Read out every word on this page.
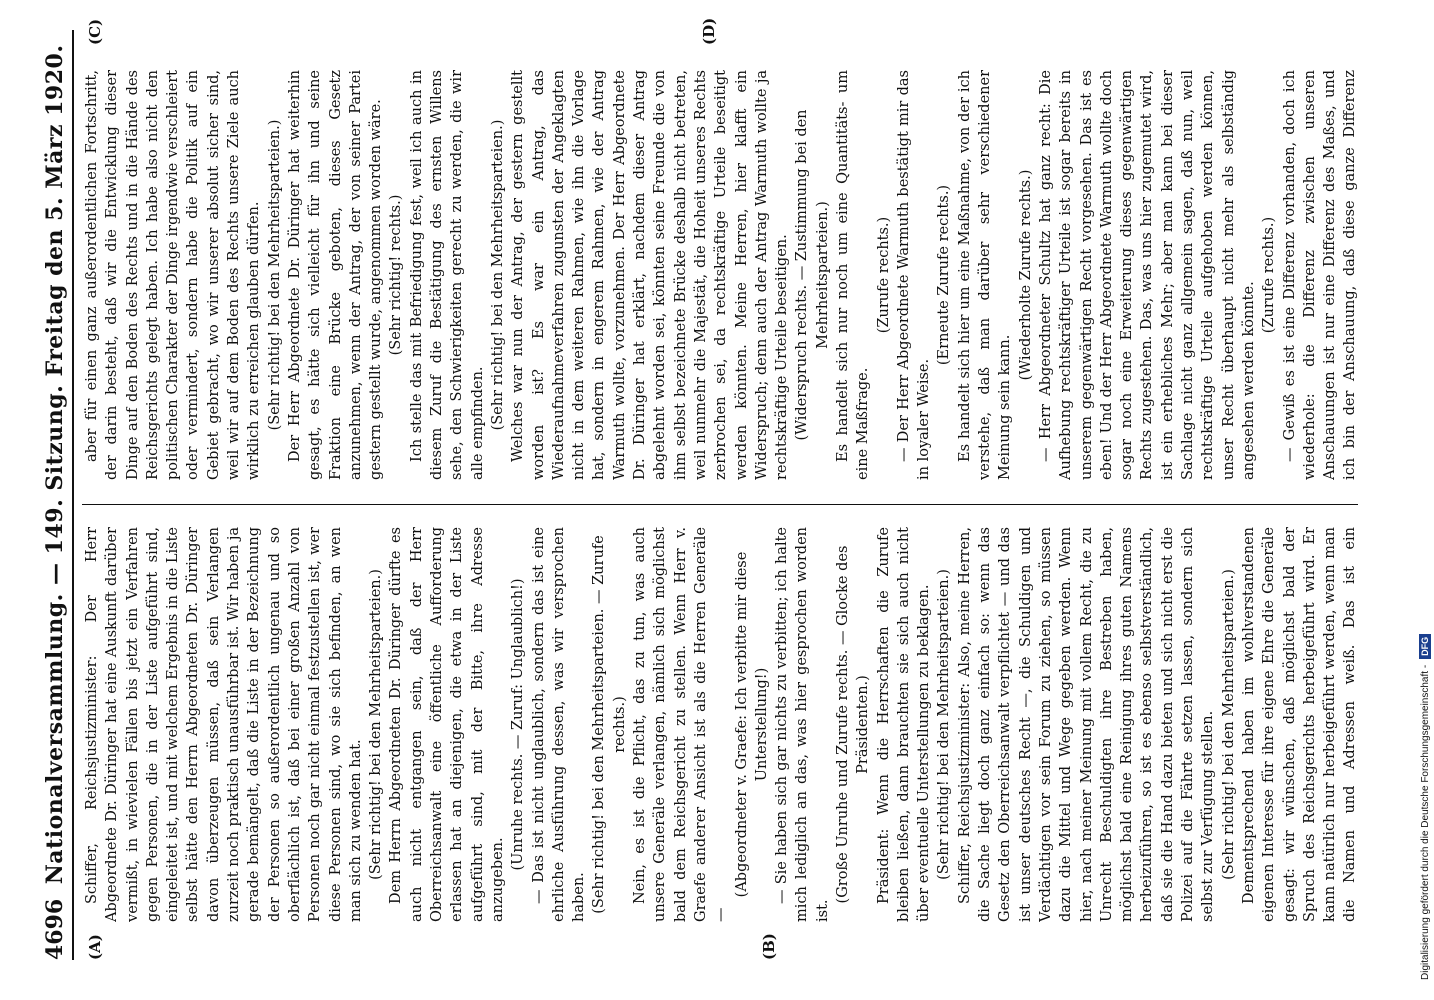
4696
Nationalversammlung. — 149. Sitzung. Freitag den 5. März 1920.
(A)	(B)
(C)	(D)

Schiffer, Reichsjustizminister: Der Herr Abgeordnete Dr. Düringer hat eine Auskunft darüber vermißt, in wievielen Fällen bis jetzt ein Verfahren gegen Personen, die in der Liste aufgeführt sind, eingeleitet ist, und mit welchem Ergebnis in die Liste selbst hätte den Herrn Abgeordneten Dr. Düringer davon überzeugen müssen, daß sein Verlangen zurzeit noch praktisch unausführbar ist. Wir haben ja gerade bemängelt, daß die Liste in der Bezeichnung der Personen so außerordentlich ungenau und so oberflächlich ist, daß bei einer großen Anzahl von Personen noch gar nicht einmal festzustellen ist, wer diese Personen sind, wo sie sich befinden, an wen man sich zu wenden hat. (Sehr richtig! bei den Mehrheitsparteien.) Dem Herrn Abgeordneten Dr. Düringer dürfte es auch nicht entgangen sein, daß der Herr Oberreichsanwalt eine öffentliche Aufforderung erlassen hat an diejenigen, die etwa in der Liste aufgeführt sind, mit der Bitte, ihre Adresse anzugeben.

(Unruhe rechts. — Zuruf: Unglaublich!) — Das ist nicht unglaublich, sondern das ist eine ehrliche Ausführung dessen, was wir versprochen haben. (Sehr richtig! bei den Mehrheitsparteien. — Zurufe rechts.) Nein, es ist die Pflicht, das zu tun, was auch unsere Generäle verlangen, nämlich sich möglichst bald dem Reichsgericht zu stellen. Wenn Herr v. Graefe anderer Ansicht ist als die Herren Generäle —

(Abgeordneter v. Graefe: Ich verbitte mir diese Unterstellung!) — Sie haben sich gar nichts zu verbitten; ich halte mich lediglich an das, was hier gesprochen worden ist.

(Große Unruhe und Zurufe rechts. — Glocke des Präsidenten.) Präsident: Wenn die Herrschaften die Zurufe bleiben ließen, dann brauchten sie sich auch nicht über eventuelle Unterstellungen zu beklagen. (Sehr richtig! bei den Mehrheitsparteien.) Schiffer, Reichsjustizminister: Also, meine Herren, die Sache liegt doch ganz einfach so: wenn das Gesetz den Oberreichsanwalt verpflichtet — und das ist unser deutsches Recht —, die Schuldigen und Verdächtigen vor sein Forum zu ziehen, so müssen dazu die Mittel und Wege gegeben werden. Wenn hier, nach meiner Meinung mit vollem Recht, die zu Unrecht Beschuldigten ihre Bestreben haben, möglichst bald eine Reinigung ihres guten Namens herbeizuführen, so ist es ebenso selbstverständlich, daß sie die Hand dazu bieten und sich nicht erst die Polizei auf die Fährte setzen lassen, sondern sich selbst zur Verfügung stellen. (Sehr richtig! bei den Mehrheitsparteien.) Dementsprechend haben im wohlverstandenen eigenen Interesse für ihre eigene Ehre die Generäle gesagt: wir wünschen, daß möglichst bald der Spruch des Reichsgerichts herbeigeführt wird. Er kann natürlich nur herbeigeführt werden, wenn man die Namen und Adressen weiß. Das ist ein

aber für einen ganz außerordentlichen Fortschritt, der darin besteht, daß wir die Entwicklung dieser Dinge auf den Boden des Rechts und in die Hände des Reichsgerichts gelegt haben. Ich habe also nicht den politischen Charakter der Dinge irgendwie verschleiert oder vermindert, sondern habe die Politik auf ein Gebiet gebracht, wo wir unserer absolut sicher sind, weil wir auf dem Boden des Rechts unsere Ziele auch wirklich zu erreichen glauben dürfen. (Sehr richtig! bei den Mehrheitsparteien.) Der Herr Abgeordnete Dr. Düringer hat weiterhin gesagt, es hätte sich vielleicht für ihn und seine Fraktion eine Brücke geboten, dieses Gesetz anzunehmen, wenn der Antrag, der von seiner Partei gestern gestellt wurde, angenommen worden wäre. (Sehr richtig! rechts.) Ich stelle das mit Befriedigung fest, weil ich auch in diesem Zuruf die Bestätigung des ernsten Willens sehe, den Schwierigkeiten gerecht zu werden, die wir alle empfinden. (Sehr richtig! bei den Mehrheitsparteien.) Welches war nun der Antrag, der gestern gestellt worden ist? Es war ein Antrag, das Wiederaufnahmeverfahren zugunsten der Angeklagten nicht in dem weiteren Rahmen, wie ihn die Vorlage hat, sondern in engerem Rahmen, wie der Antrag Warmuth wollte, vorzunehmen. Der Herr Abgeordnete Dr. Düringer hat erklärt, nachdem dieser Antrag abgelehnt worden sei, könnten seine Freunde die von ihm selbst bezeichnete Brücke deshalb nicht betreten, weil nunmehr die Majestät, die Hoheit unseres Rechts zerbrochen sei, da rechtskräftige Urteile beseitigt werden könnten. Meine Herren, hier klafft ein Widerspruch; denn auch der Antrag Warmuth wollte ja rechtskräftige Urteile beseitigen. (Widerspruch rechts. — Zustimmung bei den Mehrheitsparteien.) Es handelt sich nur noch um eine Quantitäts- um eine Maßfrage.

(Zurufe rechts.) — Der Herr Abgeordnete Warmuth bestätigt mir das in loyaler Weise.

(Erneute Zurufe rechts.) Es handelt sich hier um eine Maßnahme, von der ich verstehe, daß man darüber sehr verschiedener Meinung sein kann.

(Wiederholte Zurufe rechts.) — Herr Abgeordneter Schultz hat ganz recht: Die Aufhebung rechtskräftiger Urteile ist sogar bereits in unserem gegenwärtigen Recht vorgesehen. Das ist es eben! Und der Herr Abgeordnete Warmuth wollte doch sogar noch eine Erweiterung dieses gegenwärtigen Rechts zugestehen. Das, was uns hier zugemutet wird, ist ein erhebliches Mehr; aber man kann bei dieser Sachlage nicht ganz allgemein sagen, daß nun, weil rechtskräftige Urteile aufgehoben werden können, unser Recht überhaupt nicht mehr als selbständig angesehen werden könnte.

(Zurufe rechts.)

— Gewiß es ist eine Differenz vorhanden, doch ich wiederhole: die Differenz zwischen unseren Anschauungen ist nur eine Differenz des Maßes, und ich bin der Anschauung, daß diese ganze Differenz

Digitalisierung gefördert durch die Deutsche Forschungsgemeinschaft -
DFG
